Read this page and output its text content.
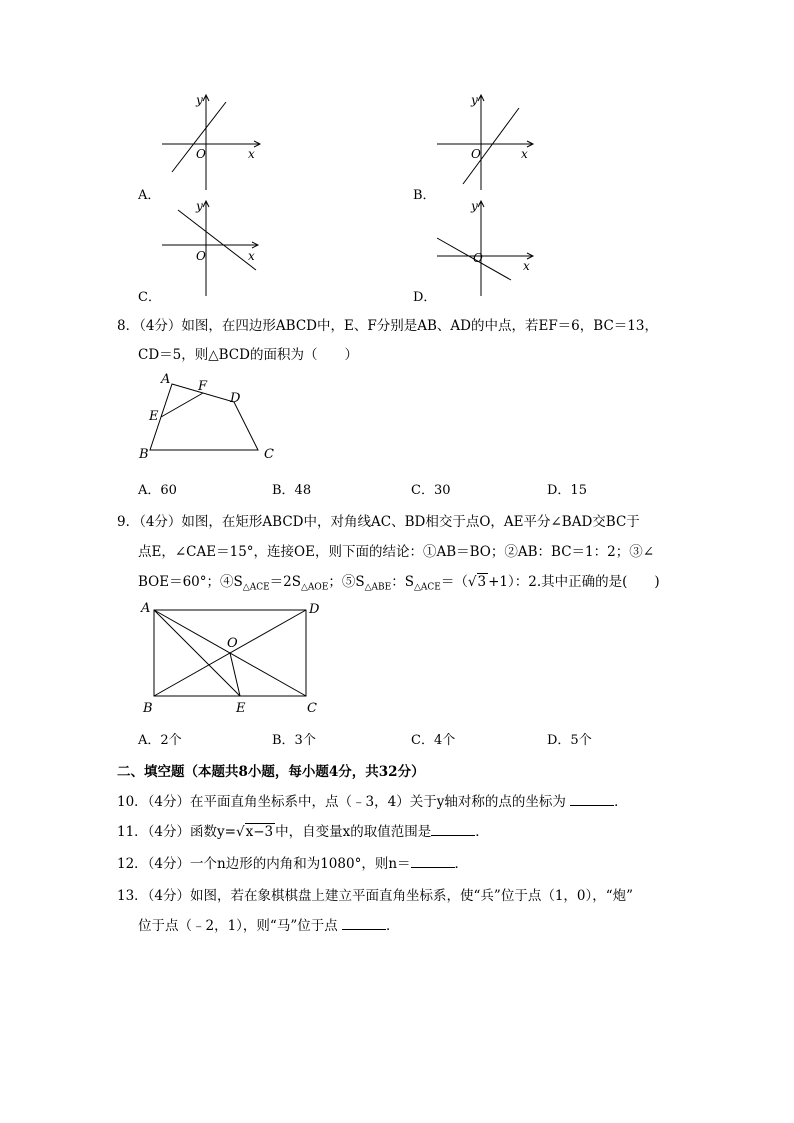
A．
x
y
O
B．
x
y
O
C．
x
y
O
D．
x
y
O
8．（4分）如图，在四边形ABCD中，E、F分别是AB、AD的中点，若EF＝6，BC＝13，
CD＝5，则△BCD的面积为（　　）
A F
D
E
B	C
A．60	B．48	C．30	D．15
9．（4分）如图，在矩形ABCD中，对角线AC、BD相交于点O，AE平分∠BAD交BC于
点E，∠CAE＝15°，连接OE，则下面的结论：①AB＝BO；②AB：BC＝1：2；③∠
BOE＝60°；$④S_{\triangle ACE}=2S_{\triangle AOE}$；$⑤S_{\triangle ABE}$：$S_{\triangle ACE}=(√3 +1)$：2.其中正确的是(　　)
A	D
O
B	E	C
A．2个	B．3个	C．4个	D．5个
二、填空题（本题共8小题，每小题4分，共32分）
10．（4分）在平面直角坐标系中，点（﹣3，4）关于y轴对称的点的坐标为	．
11．（4分）函数y=√x−3 中，自变量x的取值范围是	．
12．（4分）一个n边形的内角和为1080°，则n＝	．
13．（4分）如图，若在象棋棋盘上建立平面直角坐标系，使“兵”位于点（1，0），“炮”
位于点（﹣2，1），则“马”位于点	．
